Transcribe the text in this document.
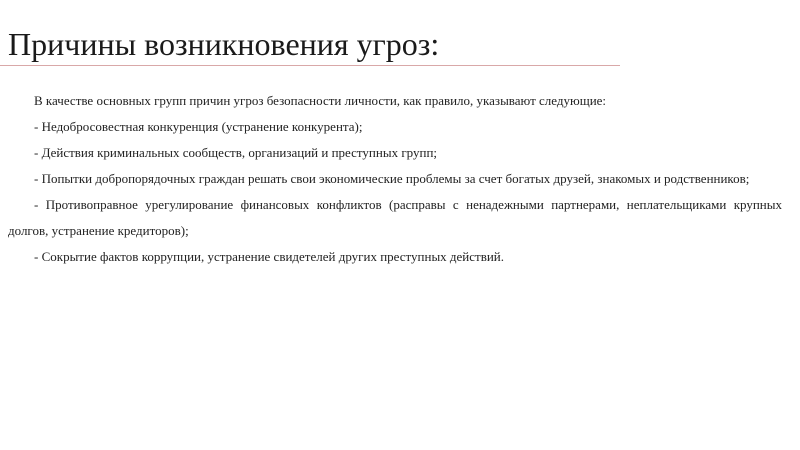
Причины возникновения угроз:

В качестве основных групп причин угроз безопасности личности, как правило, указывают следующие:

- Недобросовестная конкуренция (устранение конкурента);

- Действия криминальных сообществ, организаций и преступных групп;

- Попытки добропорядочных граждан решать свои экономические проблемы за счет богатых друзей, знакомых и родственников;

- Противоправное урегулирование финансовых конфликтов (расправы с ненадежными партнерами, неплательщиками крупных долгов, устранение кредиторов);

- Сокрытие фактов коррупции, устранение свидетелей других преступных действий.
